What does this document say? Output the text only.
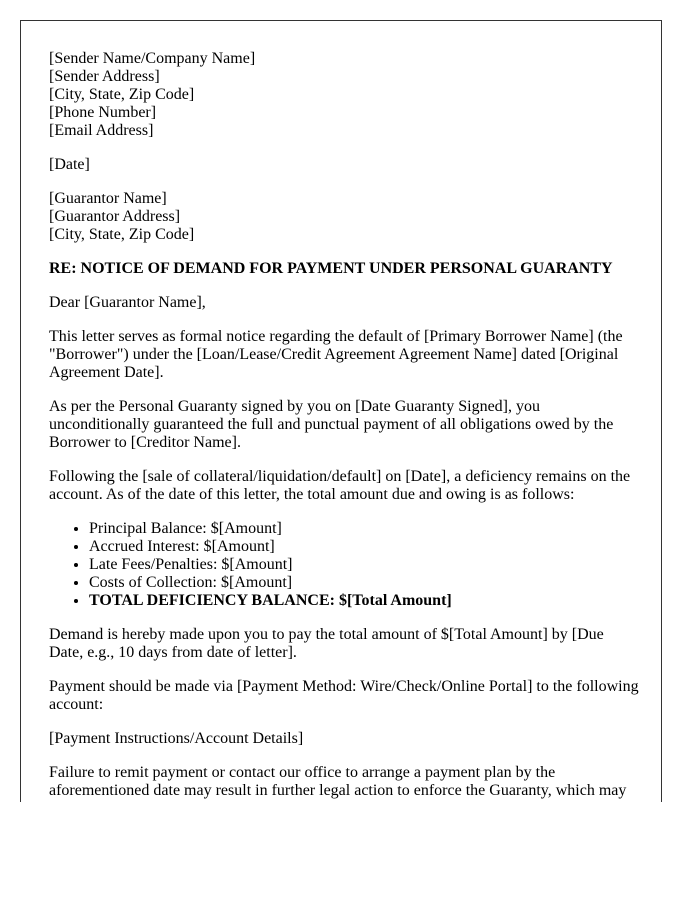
[Sender Name/Company Name]
[Sender Address]
[City, State, Zip Code]
[Phone Number]
[Email Address]
[Date]
[Guarantor Name]
[Guarantor Address]
[City, State, Zip Code]
RE: NOTICE OF DEMAND FOR PAYMENT UNDER PERSONAL GUARANTY

Dear [Guarantor Name],

This letter serves as formal notice regarding the default of [Primary Borrower Name] (the "Borrower") under the [Loan/Lease/Credit Agreement Agreement Name] dated [Original Agreement Date].

As per the Personal Guaranty signed by you on [Date Guaranty Signed], you unconditionally guaranteed the full and punctual payment of all obligations owed by the Borrower to [Creditor Name].

Following the [sale of collateral/liquidation/default] on [Date], a deficiency remains on the account. As of the date of this letter, the total amount due and owing is as follows:

• Principal Balance: $[Amount]
• Accrued Interest: $[Amount]
• Late Fees/Penalties: $[Amount]
• Costs of Collection: $[Amount]
• TOTAL DEFICIENCY BALANCE: $[Total Amount]

Demand is hereby made upon you to pay the total amount of $[Total Amount] by [Due Date, e.g., 10 days from date of letter].

Payment should be made via [Payment Method: Wire/Check/Online Portal] to the following account:

[Payment Instructions/Account Details]

Failure to remit payment or contact our office to arrange a payment plan by the aforementioned date may result in further legal action to enforce the Guaranty, which may
